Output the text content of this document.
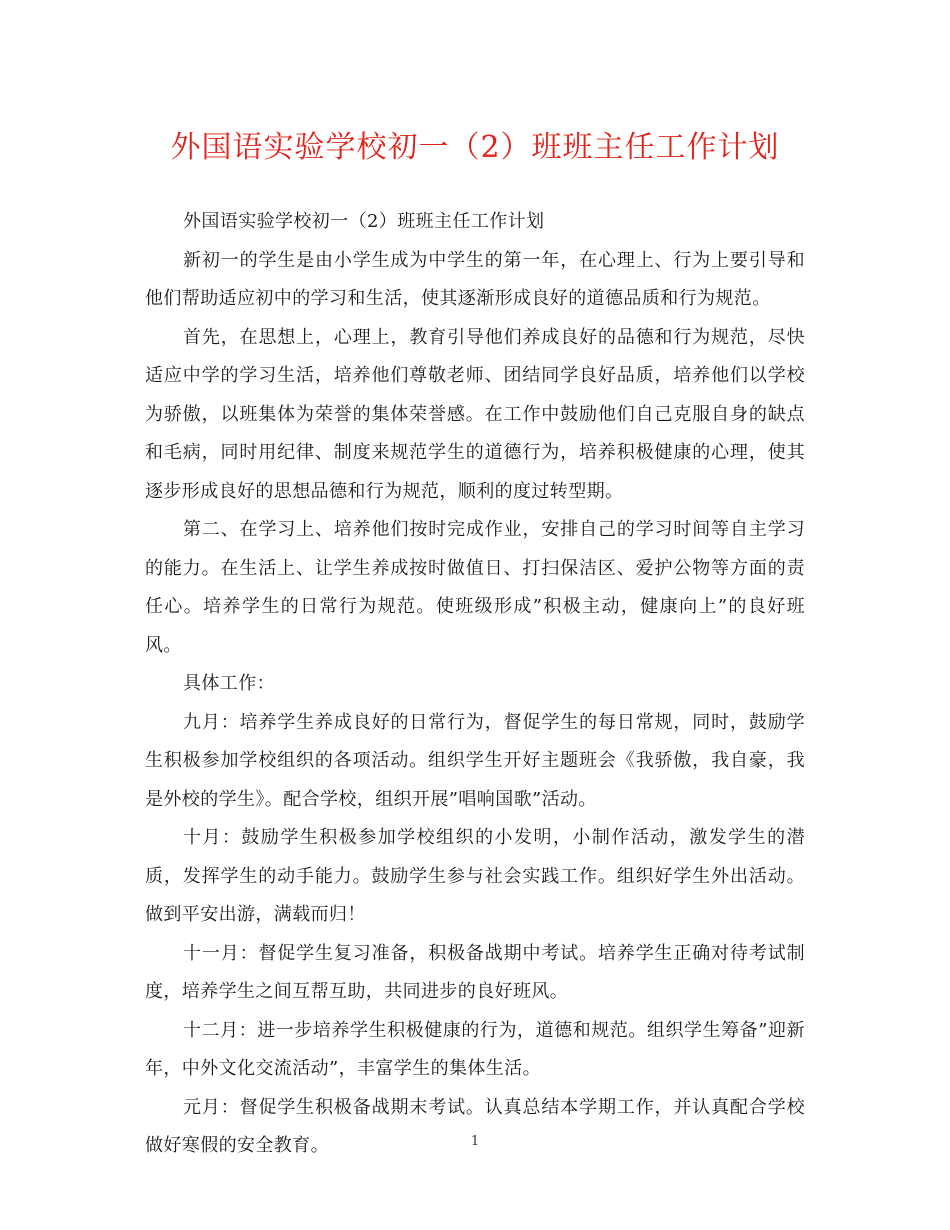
外国语实验学校初一（2）班班主任工作计划

外国语实验学校初一（2）班班主任工作计划

新初一的学生是由小学生成为中学生的第一年，在心理上、行为上要引导和他们帮助适应初中的学习和生活，使其逐渐形成良好的道德品质和行为规范。

首先，在思想上，心理上，教育引导他们养成良好的品德和行为规范，尽快适应中学的学习生活，培养他们尊敬老师、团结同学良好品质，培养他们以学校为骄傲，以班集体为荣誉的集体荣誉感。在工作中鼓励他们自己克服自身的缺点和毛病，同时用纪律、制度来规范学生的道德行为，培养积极健康的心理，使其逐步形成良好的思想品德和行为规范，顺利的度过转型期。

第二、在学习上、培养他们按时完成作业，安排自己的学习时间等自主学习的能力。在生活上、让学生养成按时做值日、打扫保洁区、爱护公物等方面的责任心。培养学生的日常行为规范。使班级形成”积极主动，健康向上”的良好班风。

具体工作：

九月：培养学生养成良好的日常行为，督促学生的每日常规，同时，鼓励学生积极参加学校组织的各项活动。组织学生开好主题班会《我骄傲，我自豪，我是外校的学生》。配合学校，组织开展”唱响国歌”活动。

十月：鼓励学生积极参加学校组织的小发明，小制作活动，激发学生的潜质，发挥学生的动手能力。鼓励学生参与社会实践工作。组织好学生外出活动。做到平安出游，满载而归！

十一月：督促学生复习准备，积极备战期中考试。培养学生正确对待考试制度，培养学生之间互帮互助，共同进步的良好班风。

十二月：进一步培养学生积极健康的行为，道德和规范。组织学生筹备”迎新年，中外文化交流活动”，丰富学生的集体生活。

元月：督促学生积极备战期末考试。认真总结本学期工作，并认真配合学校做好寒假的安全教育。	1
